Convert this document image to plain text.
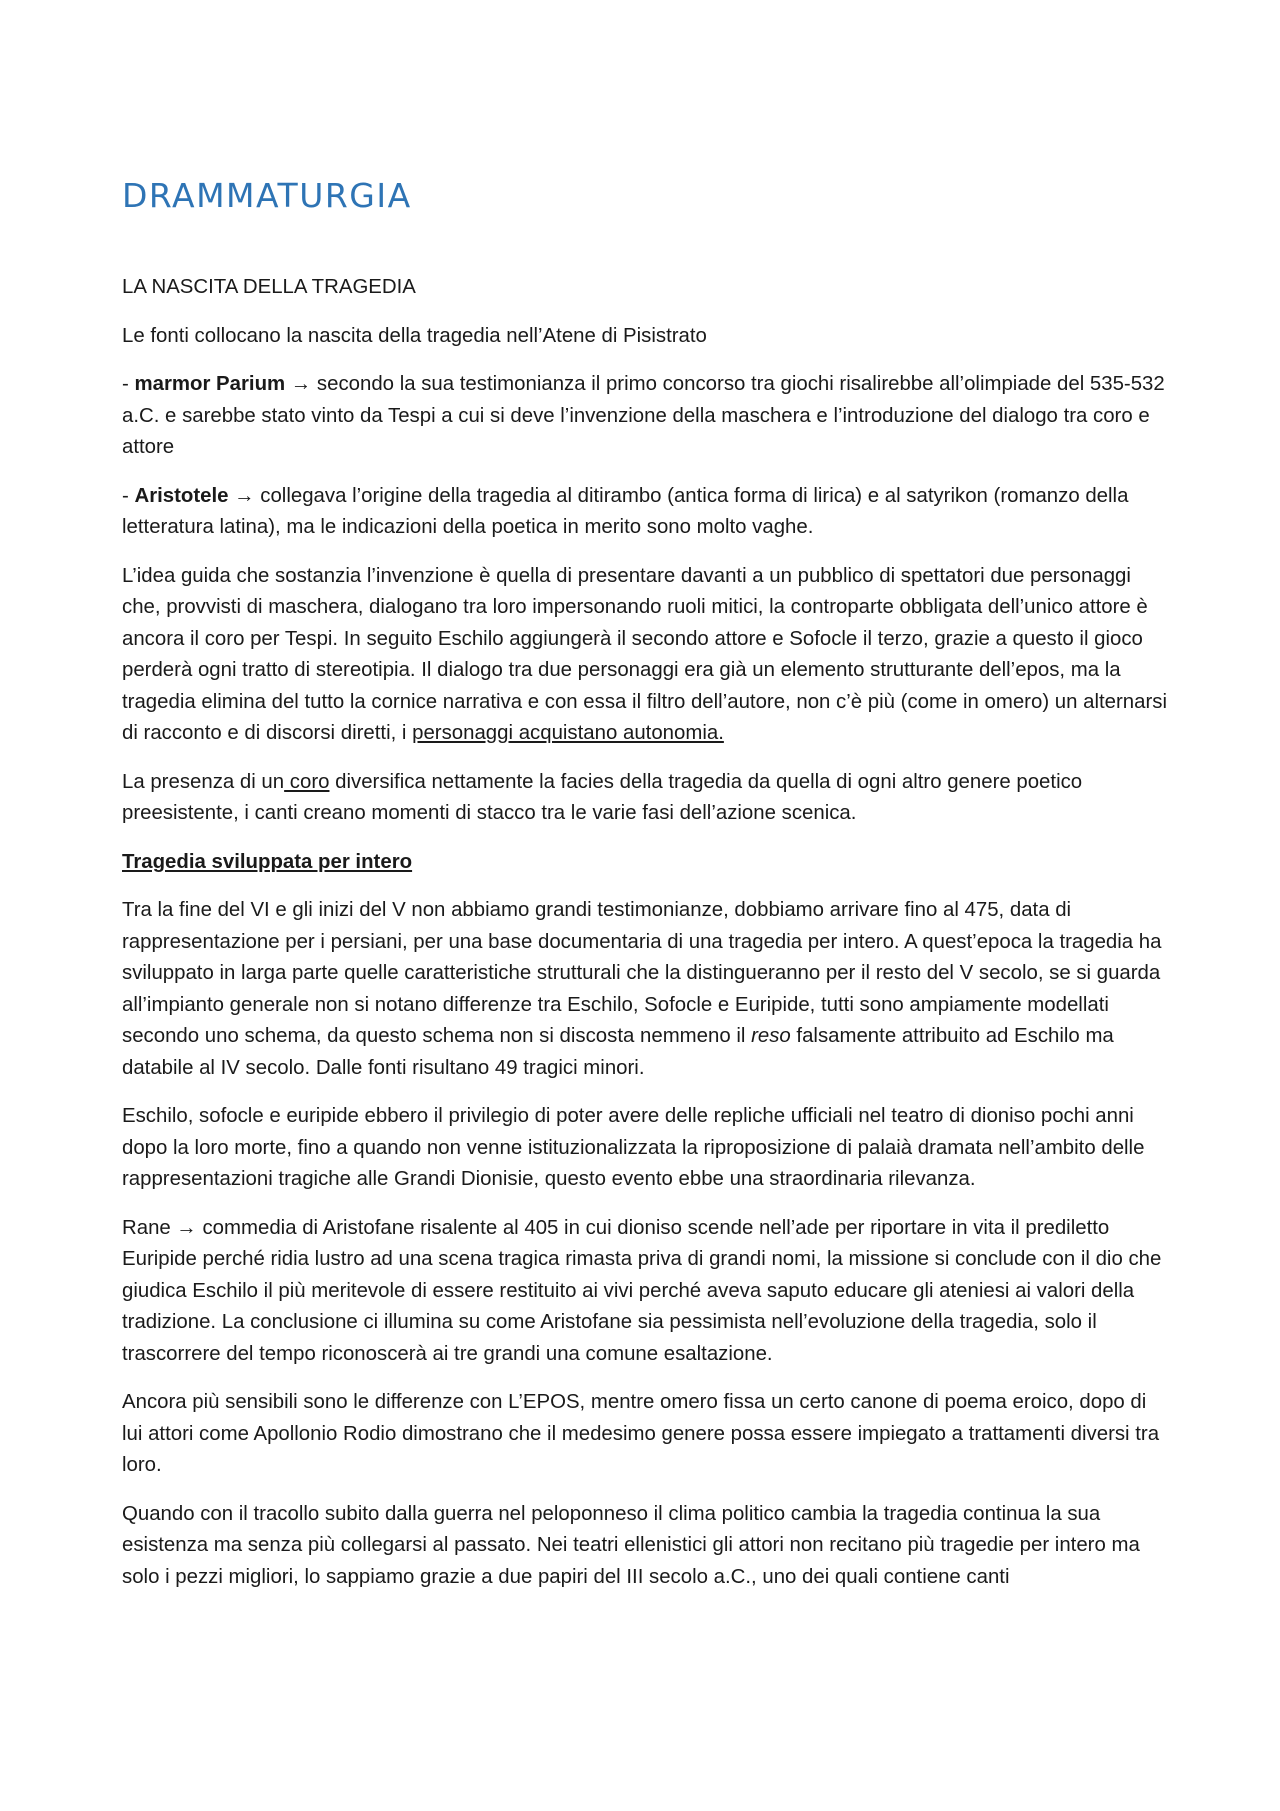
DRAMMATURGIA

LA NASCITA DELLA TRAGEDIA

Le fonti collocano la nascita della tragedia nell’Atene di Pisistrato

- marmor Parium → secondo la sua testimonianza il primo concorso tra giochi risalirebbe all’olimpiade del 535-532 a.C. e sarebbe stato vinto da Tespi a cui si deve l’invenzione della maschera e l’introduzione del dialogo tra coro e attore

- Aristotele → collegava l’origine della tragedia al ditirambo (antica forma di lirica) e al satyrikon (romanzo della letteratura latina), ma le indicazioni della poetica in merito sono molto vaghe.

L’idea guida che sostanzia l’invenzione è quella di presentare davanti a un pubblico di spettatori due personaggi che, provvisti di maschera, dialogano tra loro impersonando ruoli mitici, la controparte obbligata dell’unico attore è ancora il coro per Tespi. In seguito Eschilo aggiungerà il secondo attore e Sofocle il terzo, grazie a questo il gioco perderà ogni tratto di stereotipia. Il dialogo tra due personaggi era già un elemento strutturante dell’epos, ma la tragedia elimina del tutto la cornice narrativa e con essa il filtro dell’autore, non c’è più (come in omero) un alternarsi di racconto e di discorsi diretti, i personaggi acquistano autonomia.

La presenza di un coro diversifica nettamente la facies della tragedia da quella di ogni altro genere poetico preesistente, i canti creano momenti di stacco tra le varie fasi dell’azione scenica.

Tragedia sviluppata per intero

Tra la fine del VI e gli inizi del V non abbiamo grandi testimonianze, dobbiamo arrivare fino al 475, data di rappresentazione per i persiani, per una base documentaria di una tragedia per intero. A quest’epoca la tragedia ha sviluppato in larga parte quelle caratteristiche strutturali che la distingueranno per il resto del V secolo, se si guarda all’impianto generale non si notano differenze tra Eschilo, Sofocle e Euripide, tutti sono ampiamente modellati secondo uno schema, da questo schema non si discosta nemmeno il reso falsamente attribuito ad Eschilo ma databile al IV secolo. Dalle fonti risultano 49 tragici minori.

Eschilo, sofocle e euripide ebbero il privilegio di poter avere delle repliche ufficiali nel teatro di dioniso pochi anni dopo la loro morte, fino a quando non venne istituzionalizzata la riproposizione di palaià dramata nell’ambito delle rappresentazioni tragiche alle Grandi Dionisie, questo evento ebbe una straordinaria rilevanza.

Rane → commedia di Aristofane risalente al 405 in cui dioniso scende nell’ade per riportare in vita il prediletto Euripide perché ridia lustro ad una scena tragica rimasta priva di grandi nomi, la missione si conclude con il dio che giudica Eschilo il più meritevole di essere restituito ai vivi perché aveva saputo educare gli ateniesi ai valori della tradizione. La conclusione ci illumina su come Aristofane sia pessimista nell’evoluzione della tragedia, solo il trascorrere del tempo riconoscerà ai tre grandi una comune esaltazione.

Ancora più sensibili sono le differenze con L’EPOS, mentre omero fissa un certo canone di poema eroico, dopo di lui attori come Apollonio Rodio dimostrano che il medesimo genere possa essere impiegato a trattamenti diversi tra loro.

Quando con il tracollo subito dalla guerra nel peloponneso il clima politico cambia la tragedia continua la sua esistenza ma senza più collegarsi al passato. Nei teatri ellenistici gli attori non recitano più tragedie per intero ma solo i pezzi migliori, lo sappiamo grazie a due papiri del III secolo a.C., uno dei quali contiene canti
